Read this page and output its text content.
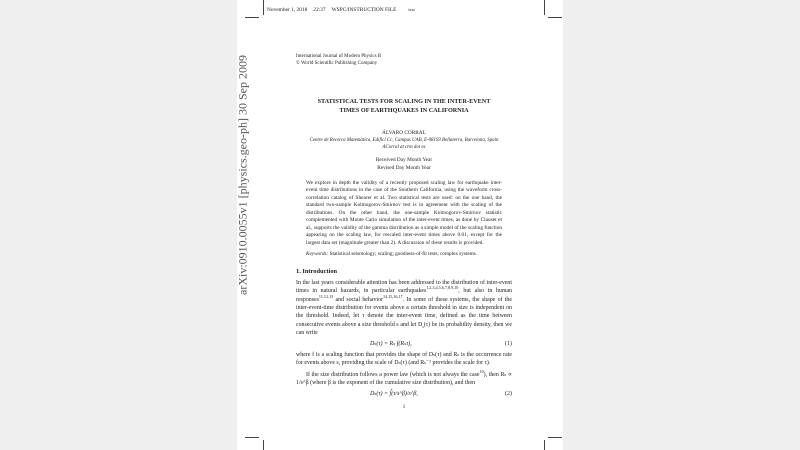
arXiv:0910.0055v1 [physics.geo-ph] 30 Sep 2009
November 1, 2018 22:37 WSPC/INSTRUCTION FILE	test
International Journal of Modern Physics B
© World Scientific Publishing Company
STATISTICAL TESTS FOR SCALING IN THE INTER-EVENT TIMES OF EARTHQUAKES IN CALIFORNIA
ÁLVARO CORRAL
Centre de Recerca Matemàtica, Edifici Cc, Campus UAB, E-08193 Bellaterra, Barcelona, Spain
ACorral at crm dot es
Received Day Month Year
Revised Day Month Year
We explore in depth the validity of a recently proposed scaling law for earthquake inter-event time distributions in the case of the Southern California, using the waveform cross-correlation catalog of Shearer et al. Two statistical tests are used: on the one hand, the standard two-sample Kolmogorov-Smirnov test is in agreement with the scaling of the distributions. On the other hand, the one-sample Kolmogorov-Smirnov statistic complemented with Monte Carlo simulation of the inter-event times, as done by Clauset et al., supports the validity of the gamma distribution as a simple model of the scaling function appearing on the scaling law, for rescaled inter-event times above 0.01, except for the largest data set (magnitude greater than 2). A discussion of these results is provided.
Keywords: Statistical seismology; scaling; goodness-of-fit tests; complex systems.
1. Introduction
In the last years considerable attention has been addressed to the distribution of inter-event times in natural hazards, in particular earthquakes$^{1,2,3,4,5,6,7,8,9,10}$, but also in human responses$^{11,12,13}$ and social behavior$^{14,15,16,17}$. In some of these systems, the shape of the inter-event-time distribution for events above a certain threshold in size is independent on the threshold. Indeed, let τ denote the inter-event time, defined as the time between consecutive events above a size threshold s and let $D_s(\tau)$ be its probability density, then we can write
Dₛ(τ) = Rₛ f(Rₛτ),	(1)
where f is a scaling function that provides the shape of Dₛ(τ) and Rₛ is the occurrence rate for events above s, providing the scale of Dₛ(τ) (and Rₛ⁻¹ provides the scale for τ).
If the size distribution follows a power law (which is not always the case$^{10}$), then Rₛ ∝ 1/s^β (where β is the exponent of the cumulative size distribution), and then
Dₛ(τ) = f̃(τ/s^β)/s^β,	(2)
1
